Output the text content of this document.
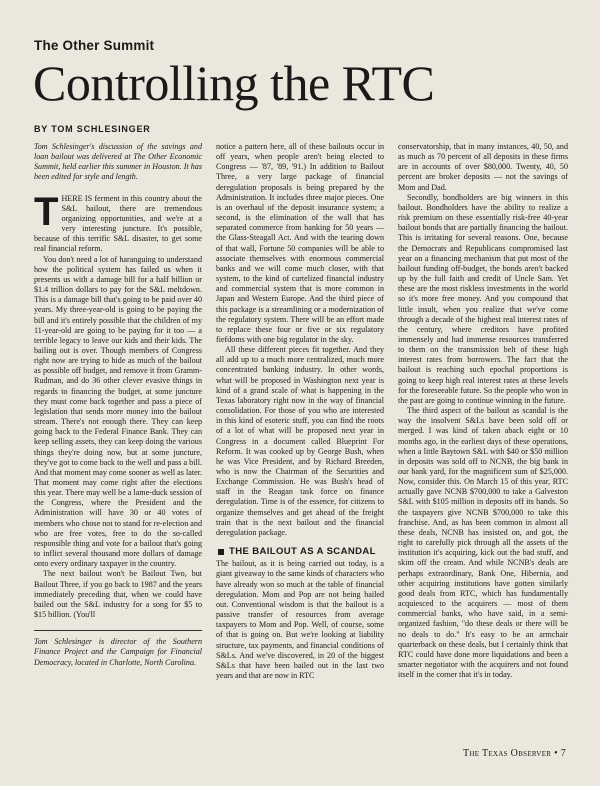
The Other Summit
Controlling the RTC
BY TOM SCHLESINGER

Tom Schlesinger's discussion of the savings and loan bailout was delivered at The Other Economic Summit, held earlier this summer in Houston. It has been edited for style and length.

THERE IS ferment in this country about the S&L bailout, there are tremendous organizing opportunities, and we're at a very interesting juncture. It's possible, because of this terrific S&L disaster, to get some real financial reform.

You don't need a lot of haranguing to understand how the political system has failed us when it presents us with a damage bill for a half billion or $1.4 trillion dollars to pay for the S&L meltdown. This is a damage bill that's going to be paid over 40 years. My three-year-old is going to be paying the bill and it's entirely possible that the children of my 11-year-old are going to be paying for it too — a terrible legacy to leave our kids and their kids. The bailing out is over. Though members of Congress right now are trying to hide as much of the bailout as possible off budget, and remove it from Gramm-Rudman, and do 36 other clever evasive things in regards to financing the budget, at some juncture they must come back together and pass a piece of legislation that sends more money into the bailout stream. There's not enough there. They can keep going back to the Federal Finance Bank. They can keep selling assets, they can keep doing the various things they're doing now, but at some juncture, they've got to come back to the well and pass a bill. And that moment may come sooner as well as later. That moment may come right after the elections this year. There may well be a lame-duck session of the Congress, where the President and the Administration will have 30 or 40 votes of members who chose not to stand for re-election and who are free votes, free to do the so-called responsible thing and vote for a bailout that's going to inflict several thousand more dollars of damage onto every ordinary taxpayer in the country.

The next bailout won't be Bailout Two, but Bailout Three, if you go back to 1987 and the years immediately preceding that, when we could have bailed out the S&L industry for a song for $5 to $15 billion. (You'll

Tom Schlesinger is director of the Southern Finance Project and the Campaign for Financial Democracy, located in Charlotte, North Carolina.

notice a pattern here, all of these bailouts occur in off years, when people aren't being elected to Congress — '87, '89, '91.) In addition to Bailout Three, a very large package of financial deregulation proposals is being prepared by the Administration. It includes three major pieces. One is an overhaul of the deposit insurance system; a second, is the elimination of the wall that has separated commerce from banking for 50 years — the Glass-Steagall Act. And with the tearing down of that wall, Fortune 50 companies will be able to associate themselves with enormous commercial banks and we will come much closer, with that system, to the kind of cartelized financial industry and commercial system that is more common in Japan and Western Europe. And the third piece of this package is a streamlining or a modernization of the regulatory system. There will be an effort made to replace these four or five or six regulatory fiefdoms with one big regulator in the sky.

All these different pieces fit together. And they all add up to a much more centralized, much more concentrated banking industry. In other words, what will be proposed in Washington next year is kind of a grand scale of what is happening in the Texas laboratory right now in the way of financial consolidation. For those of you who are interested in this kind of esoteric stuff, you can find the roots of a lot of what will be proposed next year in Congress in a document called Blueprint For Reform. It was cooked up by George Bush, when he was Vice President, and by Richard Breeden, who is now the Chairman of the Securities and Exchange Commission. He was Bush's head of staff in the Reagan task force on finance deregulation. Time is of the essence, for citizens to organize themselves and get ahead of the freight train that is the next bailout and the financial deregulation package.

THE BAILOUT AS A SCANDAL

The bailout, as it is being carried out today, is a giant giveaway to the same kinds of characters who have already won so much at the table of financial deregulation. Mom and Pop are not being bailed out. Conventional wisdom is that the bailout is a passive transfer of resources from average taxpayers to Mom and Pop. Well, of course, some of that is going on. But we're looking at liability structure, tax payments, and financial conditions of S&Ls. And we've discovered, in 20 of the biggest S&Ls that have been bailed out in the last two years and that are now in RTC

conservatorship, that in many instances, 40, 50, and as much as 70 percent of all deposits in these firms are in accounts of over $80,000. Twenty, 40, 50 percent are broker deposits — not the savings of Mom and Dad.

Secondly, bondholders are big winners in this bailout. Bondholders have the ability to realize a risk premium on these essentially risk-free 40-year bailout bonds that are partially financing the bailout. This is irritating for several reasons. One, because the Democrats and Republicans compromised last year on a financing mechanism that put most of the bailout funding off-budget, the bonds aren't backed up by the full faith and credit of Uncle Sam. Yet these are the most riskless investments in the world so it's more free money. And you compound that little insult, when you realize that we've come through a decade of the highest real interest rates of the century, where creditors have profited immensely and had immense resources transferred to them on the transmission belt of these high interest rates from borrowers. The fact that the bailout is reaching such epochal proportions is going to keep high real interest rates at these levels for the foreseeable future. So the people who won in the past are going to continue winning in the future.

The third aspect of the bailout as scandal is the way the insolvent S&Ls have been sold off or merged. I was kind of taken aback eight or 10 months ago, in the earliest days of these operations, when a little Baytown S&L with $40 or $50 million in deposits was sold off to NCNB, the big bank in our bank yard, for the magnificent sum of $25,000. Now, consider this. On March 15 of this year, RTC actually gave NCNB $700,000 to take a Galveston S&L with $105 million in deposits off its hands. So the taxpayers give NCNB $700,000 to take this franchise. And, as has been common in almost all these deals, NCNB has insisted on, and got, the right to carefully pick through all the assets of the institution it's acquiring, kick out the bad stuff, and skim off the cream. And while NCNB's deals are perhaps extraordinary, Bank One, Hibernia, and other acquiring institutions have gotten similarly good deals from RTC, which has fundamentally acquiesced to the acquirers — most of them commercial banks, who have said, in a semi-organized fashion, "do these deals or there will be no deals to do." It's easy to be an armchair quarterback on these deals, but I certainly think that RTC could have done more liquidations and been a smarter negotiator with the acquirers and not found itself in the corner that it's in today.

The Texas Observer • 7
